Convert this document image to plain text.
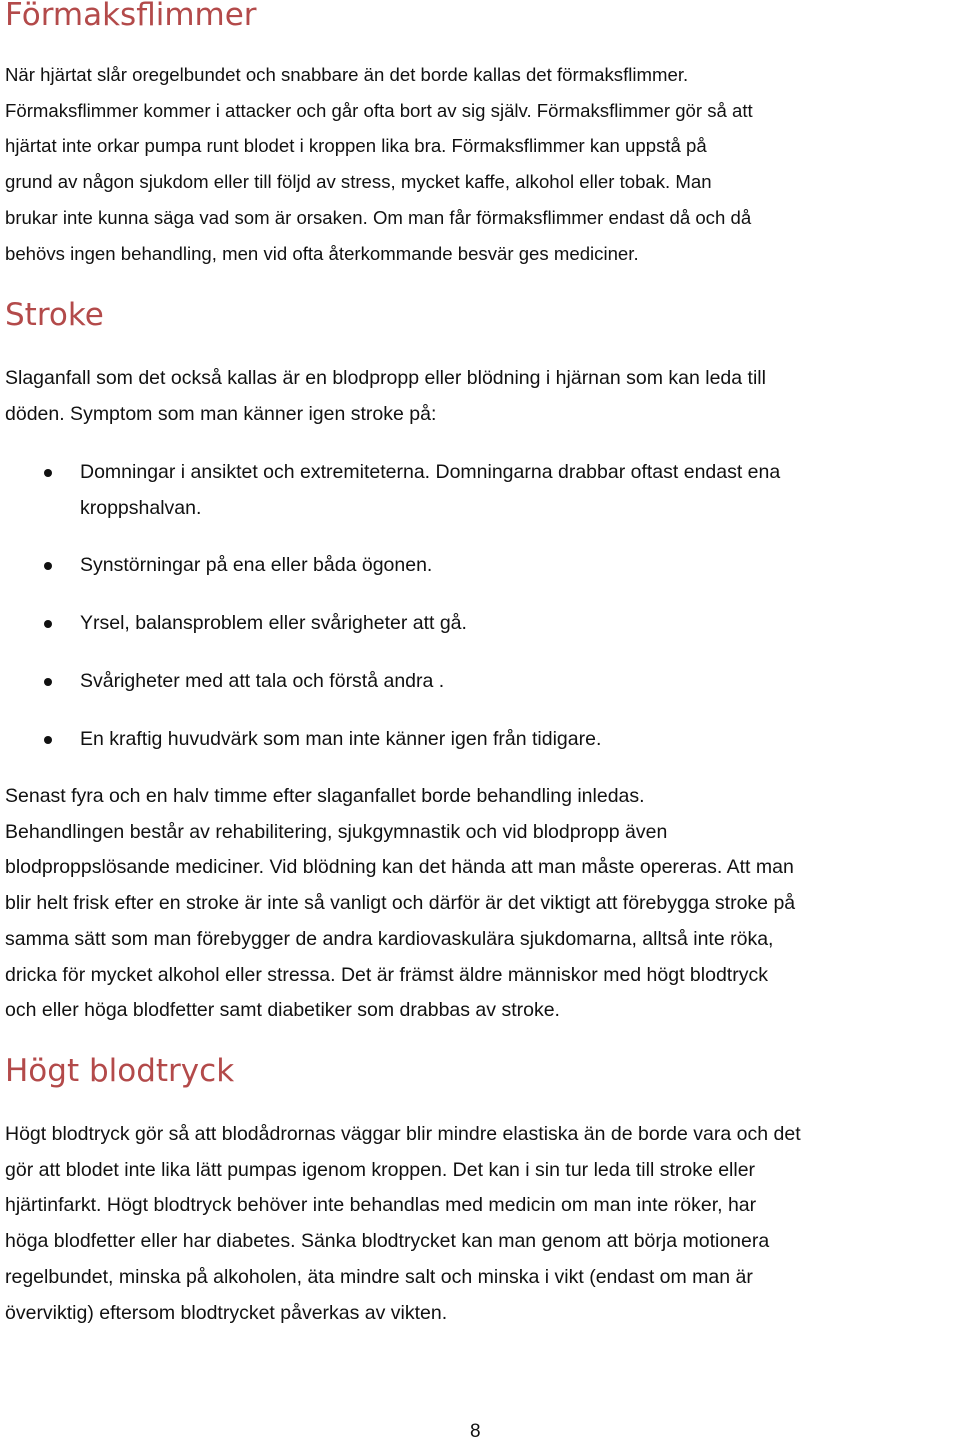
Förmaksflimmer
När hjärtat slår oregelbundet och snabbare än det borde kallas det förmaksflimmer.
Förmaksflimmer kommer i attacker och går ofta bort av sig själv. Förmaksflimmer gör så att
hjärtat inte orkar pumpa runt blodet i kroppen lika bra. Förmaksflimmer kan uppstå på
grund av någon sjukdom eller till följd av stress, mycket kaffe, alkohol eller tobak. Man
brukar inte kunna säga vad som är orsaken. Om man får förmaksflimmer endast då och då
behövs ingen behandling, men vid ofta återkommande besvär ges mediciner.
Stroke
Slaganfall som det också kallas är en blodpropp eller blödning i hjärnan som kan leda till
döden. Symptom som man känner igen stroke på:
Domningar i ansiktet och extremiteterna. Domningarna drabbar oftast endast ena
kroppshalvan.
Synstörningar på ena eller båda ögonen.
Yrsel, balansproblem eller svårigheter att gå.
Svårigheter med att tala och förstå andra .
En kraftig huvudvärk som man inte känner igen från tidigare.
Senast fyra och en halv timme efter slaganfallet borde behandling inledas.
Behandlingen består av rehabilitering, sjukgymnastik och vid blodpropp även
blodproppslösande mediciner. Vid blödning kan det hända att man måste opereras. Att man
blir helt frisk efter en stroke är inte så vanligt och därför är det viktigt att förebygga stroke på
samma sätt som man förebygger de andra kardiovaskulära sjukdomarna, alltså inte röka,
dricka för mycket alkohol eller stressa. Det är främst äldre människor med högt blodtryck
och eller höga blodfetter samt diabetiker som drabbas av stroke.
Högt blodtryck
Högt blodtryck gör så att blodådrornas väggar blir mindre elastiska än de borde vara och det
gör att blodet inte lika lätt pumpas igenom kroppen. Det kan i sin tur leda till stroke eller
hjärtinfarkt. Högt blodtryck behöver inte behandlas med medicin om man inte röker, har
höga blodfetter eller har diabetes. Sänka blodtrycket kan man genom att börja motionera
regelbundet, minska på alkoholen, äta mindre salt och minska i vikt (endast om man är
överviktig) eftersom blodtrycket påverkas av vikten.
8
